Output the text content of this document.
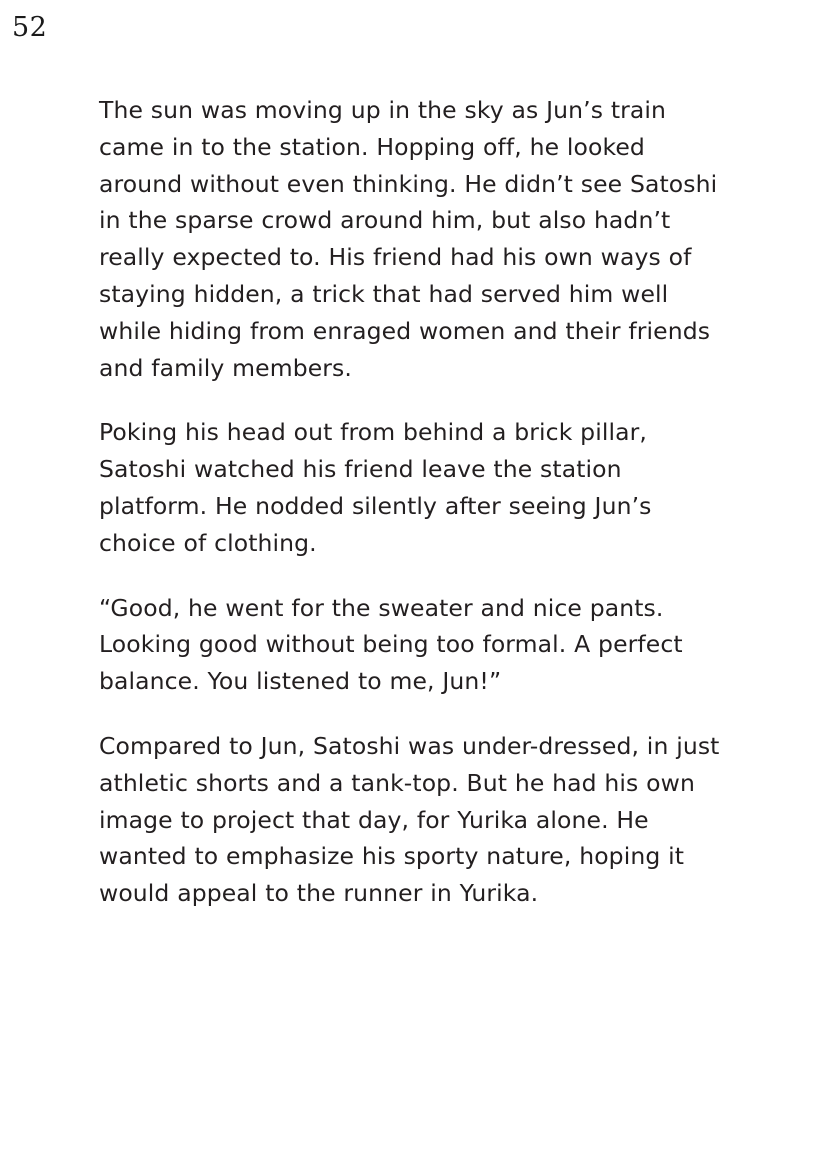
52

The sun was moving up in the sky as Jun’s train came in to the station. Hopping off, he looked around without even thinking. He didn’t see Satoshi in the sparse crowd around him, but also hadn’t really expected to. His friend had his own ways of staying hidden, a trick that had served him well while hiding from enraged women and their friends and family members.

Poking his head out from behind a brick pillar, Satoshi watched his friend leave the station platform. He nodded silently after seeing Jun’s choice of clothing.

“Good, he went for the sweater and nice pants. Looking good without being too formal. A perfect balance. You listened to me, Jun!”

Compared to Jun, Satoshi was under-dressed, in just athletic shorts and a tank-top. But he had his own image to project that day, for Yurika alone. He wanted to emphasize his sporty nature, hoping it would appeal to the runner in Yurika.
